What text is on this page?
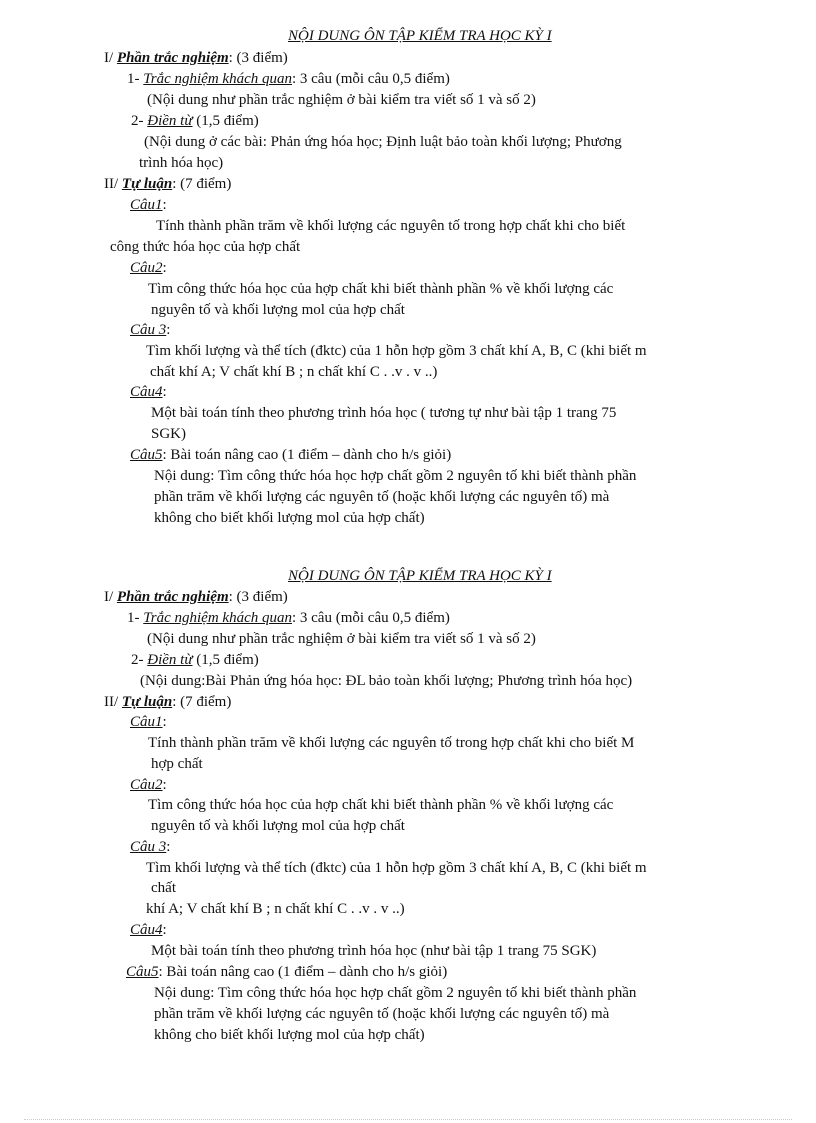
NỘI DUNG ÔN TẬP KIỂM TRA HỌC KỲ I
I/ Phần trắc nghiệm: (3 điểm)
1- Trắc nghiệm khách quan: 3 câu (mỗi câu 0,5 điểm)
(Nội dung như phần trắc nghiệm ở bài kiểm tra viết số 1 và số 2)
2- Điền từ (1,5 điểm)
(Nội dung ở các bài: Phản ứng hóa học; Định luật bảo toàn khối lượng; Phương
trình hóa học)
II/ Tự luận: (7 điểm)
Câu1:
Tính thành phần trăm về khối lượng các nguyên tố trong hợp chất khi cho biết
công thức hóa học của hợp chất
Câu2:
Tìm công thức hóa học của hợp chất khi biết thành phần % về khối lượng các
nguyên tố và khối lượng mol của hợp chất
Câu 3:
Tìm khối lượng và thể tích (đktc) của 1 hỗn hợp gồm 3 chất khí A, B, C (khi biết m
chất khí A; V chất khí B ; n chất khí C . .v . v ..)
Câu4:
Một bài toán tính theo phương trình hóa học ( tương tự như bài tập 1 trang 75
SGK)
Câu5: Bài toán nâng cao (1 điểm – dành cho h/s giỏi)
Nội dung: Tìm công thức hóa học hợp chất gồm 2 nguyên tố khi biết thành phần
phần trăm về khối lượng các nguyên tố (hoặc khối lượng các nguyên tố) mà
không cho biết khối lượng mol của hợp chất)
NỘI DUNG ÔN TẬP KIỂM TRA HỌC KỲ I
I/ Phần trắc nghiệm: (3 điểm)
1- Trắc nghiệm khách quan: 3 câu (mỗi câu 0,5 điểm)
(Nội dung như phần trắc nghiệm ở bài kiểm tra viết số 1 và số 2)
2- Điền từ (1,5 điểm)
(Nội dung:Bài Phản ứng hóa học: ĐL bảo toàn khối lượng; Phương trình hóa học)
II/ Tự luận: (7 điểm)
Câu1:
Tính thành phần trăm về khối lượng các nguyên tố trong hợp chất khi cho biết M
hợp chất
Câu2:
Tìm công thức hóa học của hợp chất khi biết thành phần % về khối lượng các
nguyên tố và khối lượng mol của hợp chất
Câu 3:
Tìm khối lượng và thể tích (đktc) của 1 hỗn hợp gồm 3 chất khí A, B, C (khi biết m
chất
khí A; V chất khí B ; n chất khí C . .v . v ..)
Câu4:
Một bài toán tính theo phương trình hóa học (như bài tập 1 trang 75 SGK)
Câu5: Bài toán nâng cao (1 điểm – dành cho h/s giỏi)
Nội dung: Tìm công thức hóa học hợp chất gồm 2 nguyên tố khi biết thành phần
phần trăm về khối lượng các nguyên tố (hoặc khối lượng các nguyên tố) mà
không cho biết khối lượng mol của hợp chất)
